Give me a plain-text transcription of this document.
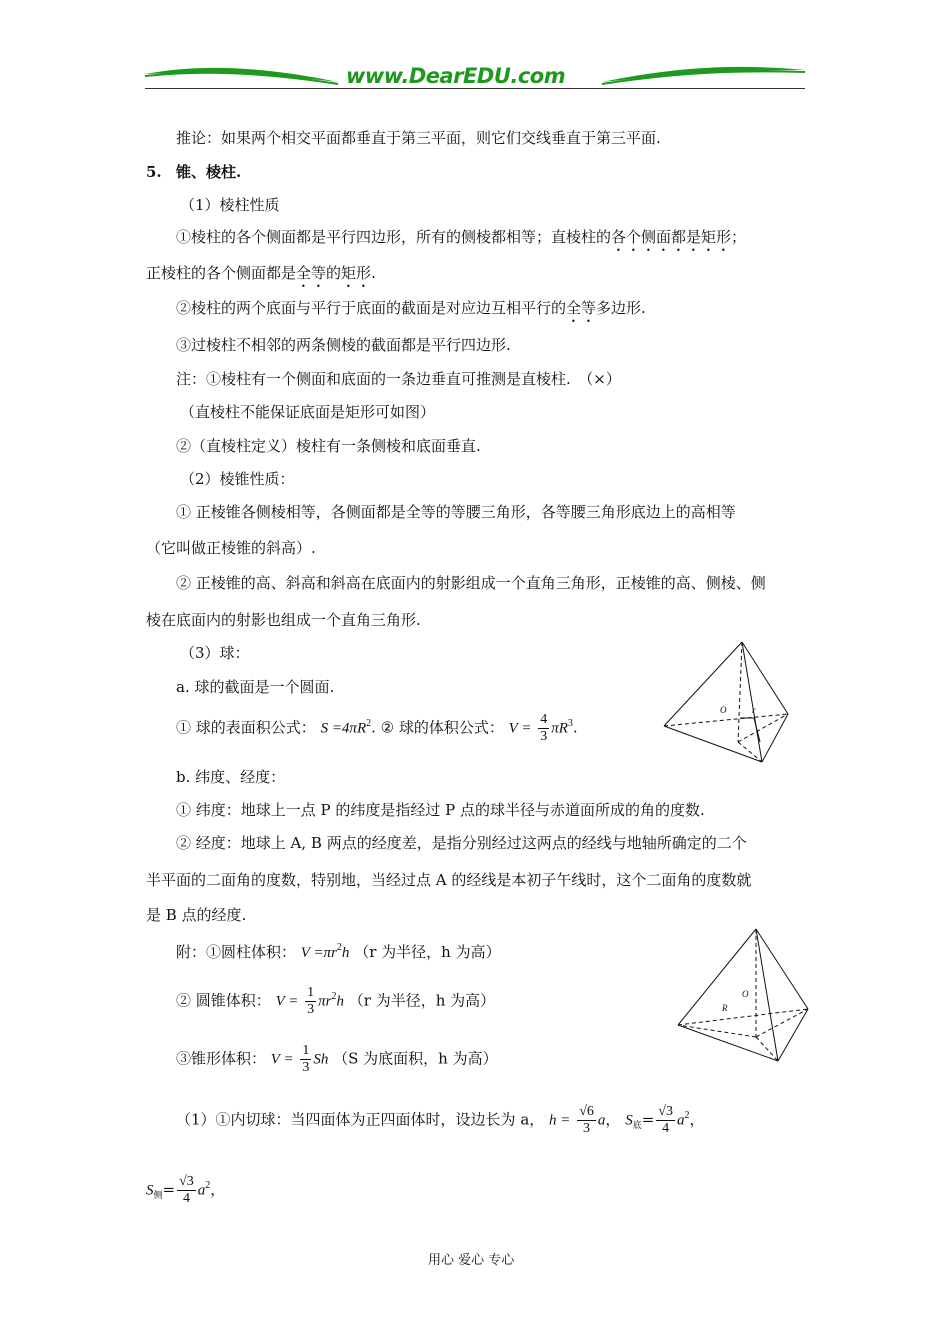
www.DearEDU.com
推论：如果两个相交平面都垂直于第三平面，则它们交线垂直于第三平面.
5. 锥、棱柱.
（1）棱柱性质
①棱柱的各个侧面都是平行四边形，所有的侧棱都相等；直棱柱的各个侧面都是矩形；
正棱柱的各个侧面都是全等的矩形.
②棱柱的两个底面与平行于底面的截面是对应边互相平行的全等多边形.
③过棱柱不相邻的两条侧棱的截面都是平行四边形.
注：①棱柱有一个侧面和底面的一条边垂直可推测是直棱柱.　（×）
（直棱柱不能保证底面是矩形可如图）
②（直棱柱定义）棱柱有一条侧棱和底面垂直.
（2）棱锥性质：
① 正棱锥各侧棱相等，各侧面都是全等的等腰三角形，各等腰三角形底边上的高相等
（它叫做正棱锥的斜高）.
② 正棱锥的高、斜高和斜高在底面内的射影组成一个直角三角形，正棱锥的高、侧棱、侧
棱在底面内的射影也组成一个直角三角形.
（3）球：
a. 球的截面是一个圆面.
① 球的表面积公式： $S =4\pi R^2$. ② 球的体积公式： $V = \frac{4}{3} \pi R^3$.
b. 纬度、经度：
① 纬度：地球上一点 P 的纬度是指经过 P 点的球半径与赤道面所成的角的度数.
② 经度：地球上 A, B 两点的经度差，是指分别经过这两点的经线与地轴所确定的二个
半平面的二面角的度数，特别地，当经过点 A 的经线是本初子午线时，这个二面角的度数就
是 B 点的经度.
附：①圆柱体积： $V =\pi r^2h$ （r 为半径，h 为高）
② 圆锥体积： $V = \frac{1}{3} \pi r^2h$ （r 为半径，h 为高）
③锥形体积： $V = \frac{1}{3}$ Sh （S 为底面积，h 为高）
（1）①内切球：当四面体为正四面体时，设边长为 a， $h = \frac{√6}{3}$ a， $S_底= \frac{√3}{4} a^2$，
$S_侧= \frac{√3}{4} a^2$，
O	r
R
O
用心 爱心 专心
